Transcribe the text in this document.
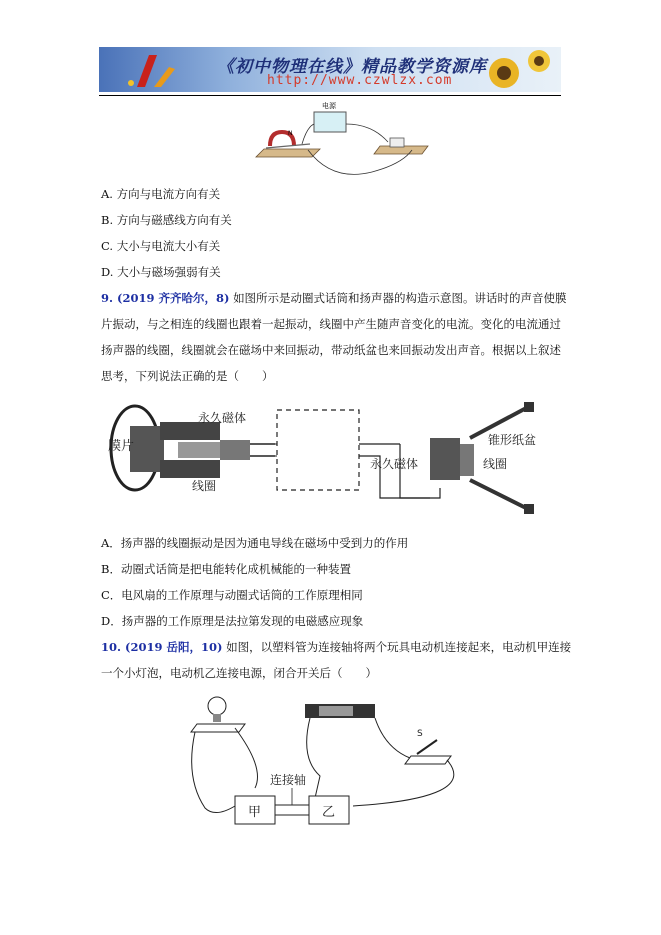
《初中物理在线》精品教学资源库
http://www.czwlzx.com
电源
N
A. 方向与电流方向有关
B. 方向与磁感线方向有关
C. 大小与电流大小有关
D. 大小与磁场强弱有关
9. (2019 齐齐哈尔，8) 如图所示是动圈式话筒和扬声器的构造示意图。讲话时的声音使膜
片振动，与之相连的线圈也跟着一起振动，线圈中产生随声音变化的电流。变化的电流通过
扬声器的线圈，线圈就会在磁场中来回振动，带动纸盆也来回振动发出声音。根据以上叙述
思考，下列说法正确的是（　　）
膜片
永久磁体
线圈
永久磁体
锥形纸盆
线圈
A．扬声器的线圈振动是因为通电导线在磁场中受到力的作用
B．动圈式话筒是把电能转化成机械能的一种装置
C．电风扇的工作原理与动圈式话筒的工作原理相同
D．扬声器的工作原理是法拉第发现的电磁感应现象
10. (2019 岳阳，10) 如图，以塑料管为连接轴将两个玩具电动机连接起来，电动机甲连接
一个小灯泡，电动机乙连接电源，闭合开关后（　　）
S
连接轴
甲	乙
